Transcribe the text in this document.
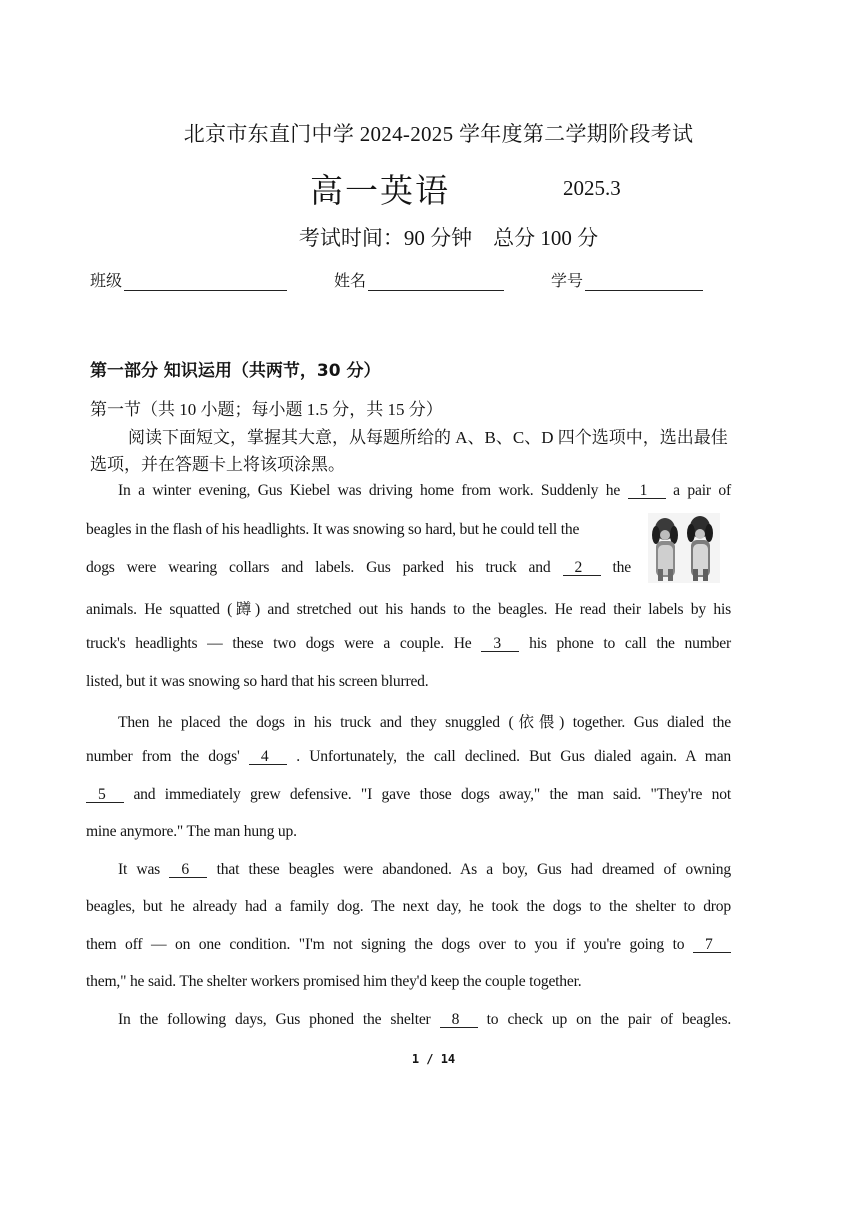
北京市东直门中学 2024-2025 学年度第二学期阶段考试
高一英语	2025.3
考试时间：90 分钟　总分 100 分
班级	姓名	学号
第一部分 知识运用（共两节，30 分）
第一节（共 10 小题；每小题 1.5 分，共 15 分）
阅读下面短文，掌握其大意，从每题所给的 A、B、C、D 四个选项中，选出最佳选项，并在答题卡上将该项涂黑。
In a winter evening, Gus Kiebel was driving home from work. Suddenly he 1 a pair of
beagles in the flash of his headlights. It was snowing so hard, but he could tell the
dogs were wearing collars and labels. Gus parked his truck and 2 the
animals. He squatted (蹲) and stretched out his hands to the beagles. He read their labels by his
truck's headlights — these two dogs were a couple. He 3 his phone to call the number
listed, but it was snowing so hard that his screen blurred.
Then he placed the dogs in his truck and they snuggled (依偎) together. Gus dialed the
number from the dogs' 4 . Unfortunately, the call declined. But Gus dialed again. A man
5 and immediately grew defensive. "I gave those dogs away," the man said. "They're not
mine anymore." The man hung up.
It was 6 that these beagles were abandoned. As a boy, Gus had dreamed of owning
beagles, but he already had a family dog. The next day, he took the dogs to the shelter to drop
them off — on one condition. "I'm not signing the dogs over to you if you're going to 7
them," he said. The shelter workers promised him they'd keep the couple together.
In the following days, Gus phoned the shelter 8 to check up on the pair of beagles.
1 / 14
